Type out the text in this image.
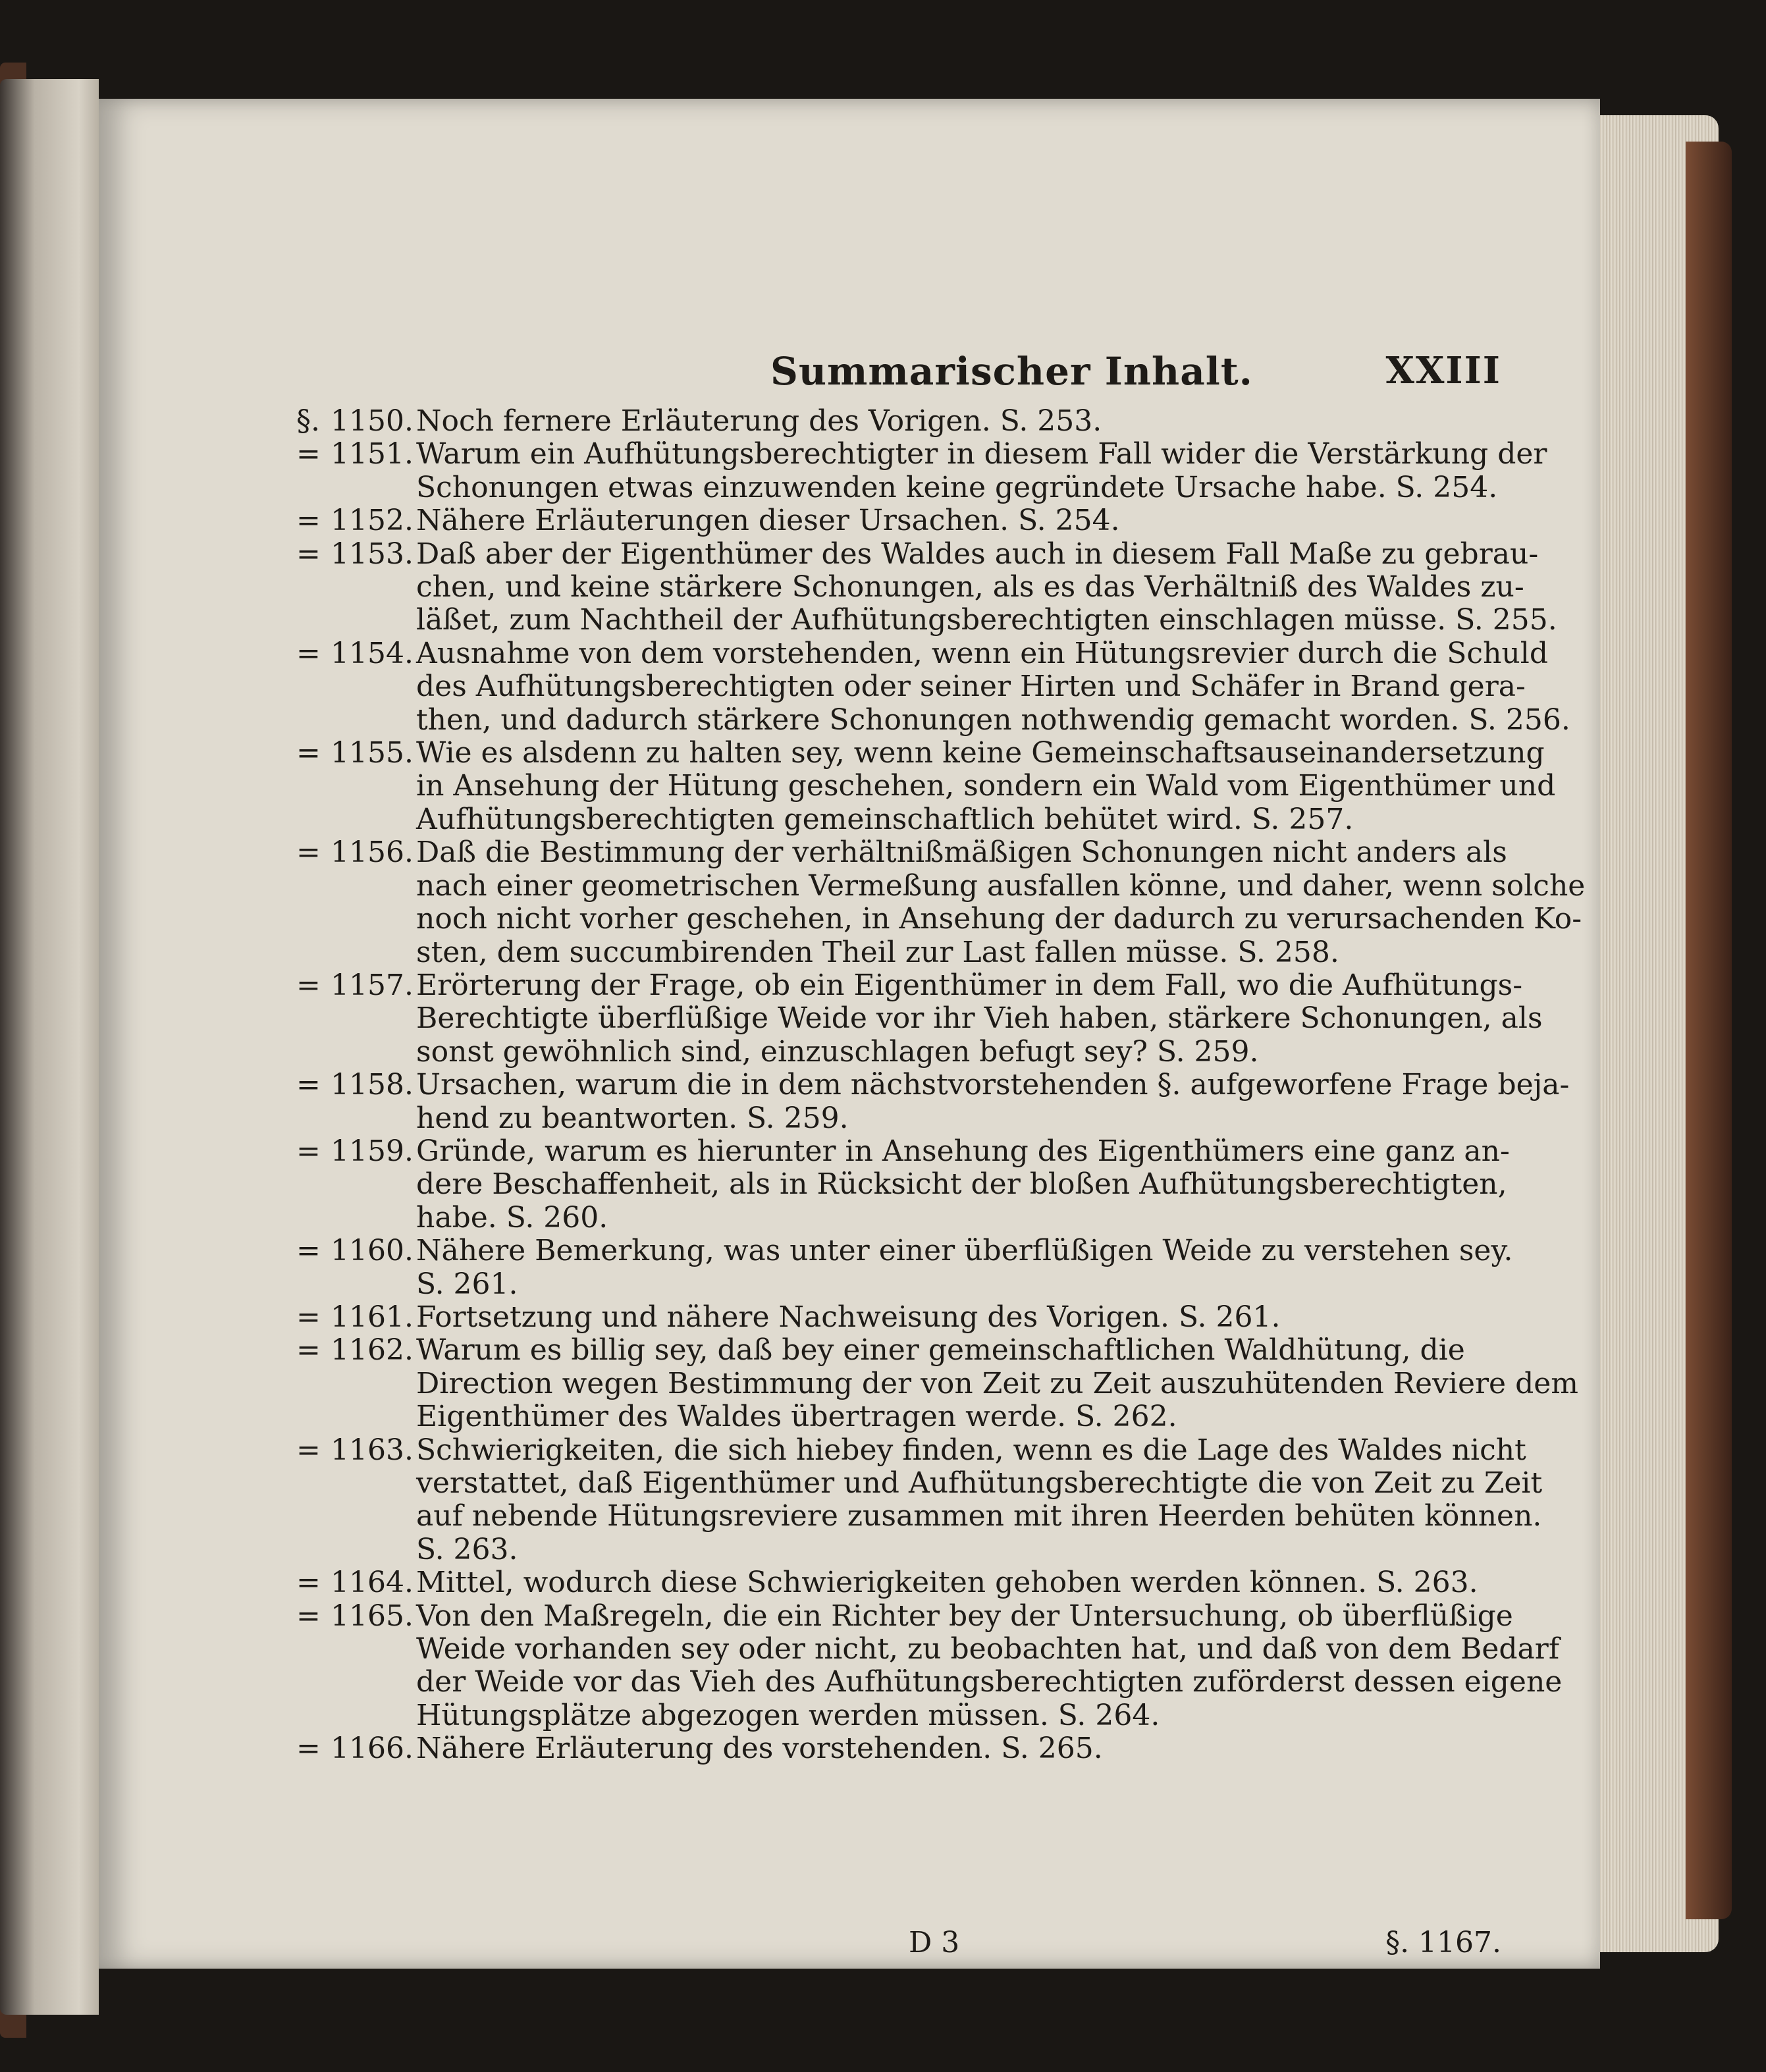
Summarischer Inhalt.	XXIII
§. 1150. Noch fernere Erläuterung des Vorigen. S. 253.
= 1151. Warum ein Aufhütungsberechtigter in diesem Fall wider die Verstärkung der
Schonungen etwas einzuwenden keine gegründete Ursache habe. S. 254.
= 1152. Nähere Erläuterungen dieser Ursachen. S. 254.
= 1153. Daß aber der Eigenthümer des Waldes auch in diesem Fall Maße zu gebrau-
chen, und keine stärkere Schonungen, als es das Verhältniß des Waldes zu-
läßet, zum Nachtheil der Aufhütungsberechtigten einschlagen müsse. S. 255.
= 1154. Ausnahme von dem vorstehenden, wenn ein Hütungsrevier durch die Schuld
des Aufhütungsberechtigten oder seiner Hirten und Schäfer in Brand gera-
then, und dadurch stärkere Schonungen nothwendig gemacht worden. S. 256.
= 1155. Wie es alsdenn zu halten sey, wenn keine Gemeinschaftsauseinandersetzung
in Ansehung der Hütung geschehen, sondern ein Wald vom Eigenthümer und
Aufhütungsberechtigten gemeinschaftlich behütet wird. S. 257.
= 1156. Daß die Bestimmung der verhältnißmäßigen Schonungen nicht anders als
nach einer geometrischen Vermeßung ausfallen könne, und daher, wenn solche
noch nicht vorher geschehen, in Ansehung der dadurch zu verursachenden Ko-
sten, dem succumbirenden Theil zur Last fallen müsse. S. 258.
= 1157. Erörterung der Frage, ob ein Eigenthümer in dem Fall, wo die Aufhütungs-
Berechtigte überflüßige Weide vor ihr Vieh haben, stärkere Schonungen, als
sonst gewöhnlich sind, einzuschlagen befugt sey? S. 259.
= 1158. Ursachen, warum die in dem nächstvorstehenden §. aufgeworfene Frage beja-
hend zu beantworten. S. 259.
= 1159. Gründe, warum es hierunter in Ansehung des Eigenthümers eine ganz an-
dere Beschaffenheit, als in Rücksicht der bloßen Aufhütungsberechtigten,
habe. S. 260.
= 1160. Nähere Bemerkung, was unter einer überflüßigen Weide zu verstehen sey.
S. 261.
= 1161. Fortsetzung und nähere Nachweisung des Vorigen. S. 261.
= 1162. Warum es billig sey, daß bey einer gemeinschaftlichen Waldhütung, die
Direction wegen Bestimmung der von Zeit zu Zeit auszuhütenden Reviere dem
Eigenthümer des Waldes übertragen werde. S. 262.
= 1163. Schwierigkeiten, die sich hiebey finden, wenn es die Lage des Waldes nicht
verstattet, daß Eigenthümer und Aufhütungsberechtigte die von Zeit zu Zeit
auf nebende Hütungsreviere zusammen mit ihren Heerden behüten können.
S. 263.
= 1164. Mittel, wodurch diese Schwierigkeiten gehoben werden können. S. 263.
= 1165. Von den Maßregeln, die ein Richter bey der Untersuchung, ob überflüßige
Weide vorhanden sey oder nicht, zu beobachten hat, und daß von dem Bedarf
der Weide vor das Vieh des Aufhütungsberechtigten zuförderst dessen eigene
Hütungsplätze abgezogen werden müssen. S. 264.
= 1166. Nähere Erläuterung des vorstehenden. S. 265.
D 3	§. 1167.
